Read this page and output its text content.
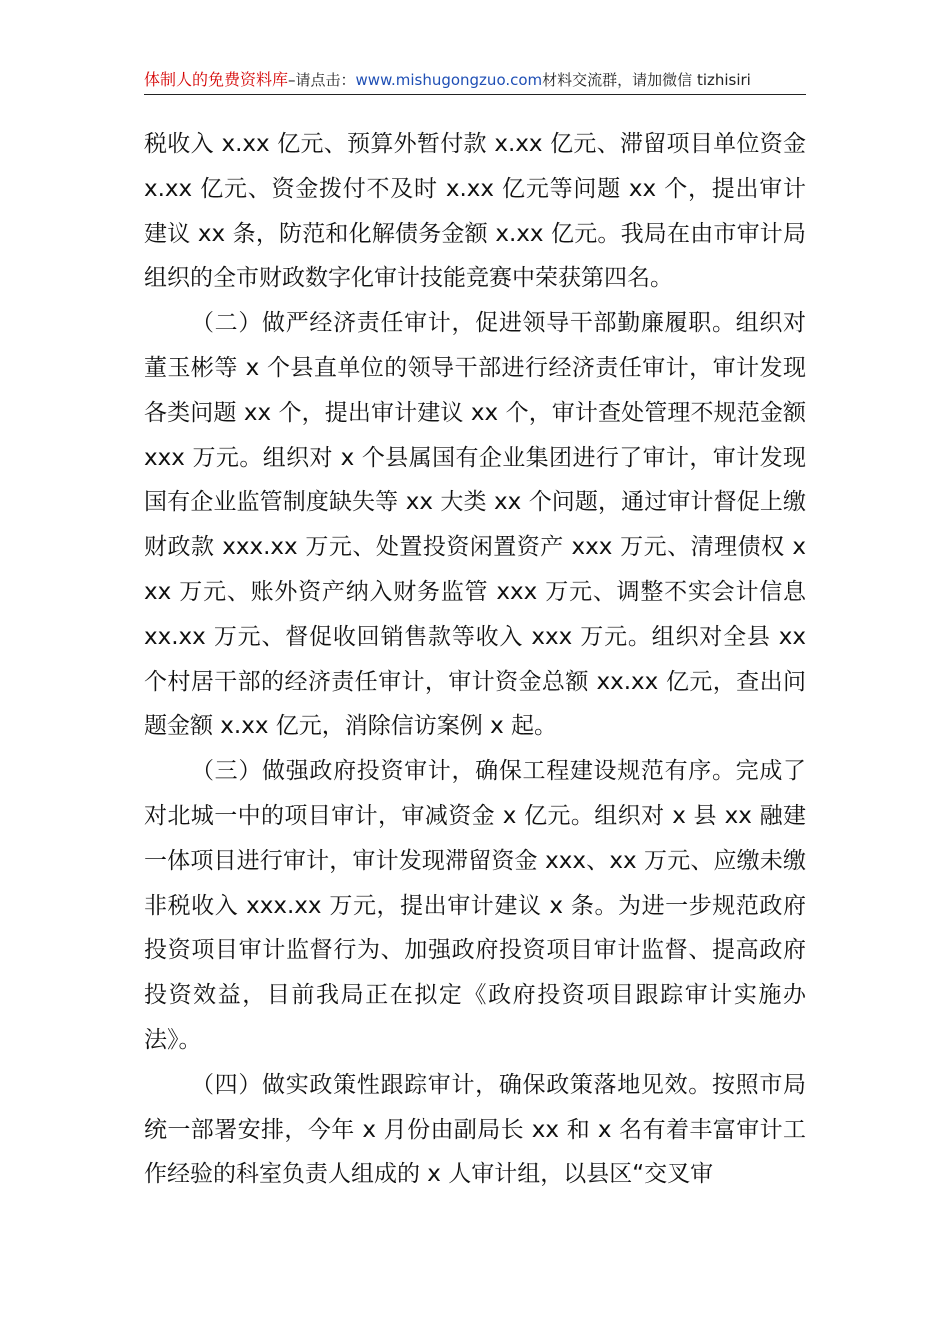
体制人的免费资料库–请点击：www.mishugongzuo.com材料交流群，请加微信 tizhisiri

税收入 x.xx 亿元、预算外暂付款 x.xx 亿元、滞留项目单位资金 x.xx 亿元、资金拨付不及时 x.xx 亿元等问题 xx 个，提出审计建议 xx 条，防范和化解债务金额 x.xx 亿元。我局在由市审计局组织的全市财政数字化审计技能竞赛中荣获第四名。

（二）做严经济责任审计，促进领导干部勤廉履职。组织对董玉彬等 x 个县直单位的领导干部进行经济责任审计，审计发现各类问题 xx 个，提出审计建议 xx 个，审计查处管理不规范金额 xxx 万元。组织对 x 个县属国有企业集团进行了审计，审计发现国有企业监管制度缺失等 xx 大类 xx 个问题，通过审计督促上缴财政款 xxx.xx 万元、处置投资闲置资产 xxx 万元、清理债权 xxx 万元、账外资产纳入财务监管 xxx 万元、调整不实会计信息 xx.xx 万元、督促收回销售款等收入 xxx 万元。组织对全县 xx 个村居干部的经济责任审计，审计资金总额 xx.xx 亿元，查出问题金额 x.xx 亿元，消除信访案例 x 起。

（三）做强政府投资审计，确保工程建设规范有序。完成了对北城一中的项目审计，审减资金 x 亿元。组织对 x 县 xx 融建一体项目进行审计，审计发现滞留资金 xxx、xx 万元、应缴未缴非税收入 xxx.xx 万元，提出审计建议 x 条。为进一步规范政府投资项目审计监督行为、加强政府投资项目审计监督、提高政府投资效益，目前我局正在拟定《政府投资项目跟踪审计实施办法》。

（四）做实政策性跟踪审计，确保政策落地见效。按照市局统一部署安排，今年 x 月份由副局长 xx 和 x 名有着丰富审计工作经验的科室负责人组成的 x 人审计组，以县区“交叉审
